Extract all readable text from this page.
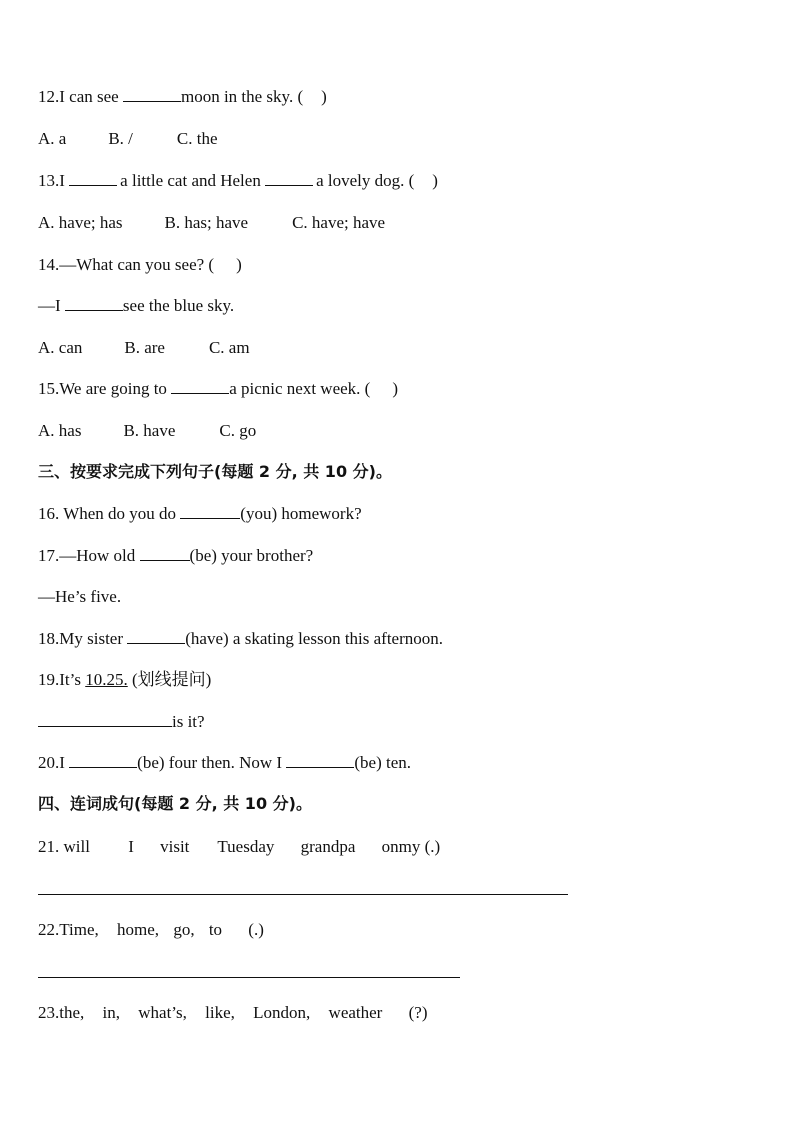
12.I can see	moon in the sky. ( )
A. a B. /	C. the
13.I	a little cat and Helen	a lovely dog. ( )
A. have; has B. has; have	C. have; have
14.—What can you see? ( )
—I	see the blue sky.
A. can B. are	C. am
15.We are going to	a picnic next week. ( )
A. has B. have	C. go
三、按要求完成下列句子(每题 2 分, 共 10 分)。
16. When do you do	(you) homework?
17.—How old	(be) your brother?
—He’s five.
18.My sister	(have) a skating lesson this afternoon.
19.It’s 10.25. (划线提问)
is it?
20.I	(be) four then. Now I	(be) ten.
四、连词成句(每题 2 分, 共 10 分)。
21. will I visit Tuesday grandpa onmy (.)
22.Time, home, go, to (.)
23.the, in, what’s, like, London, weather (?)
